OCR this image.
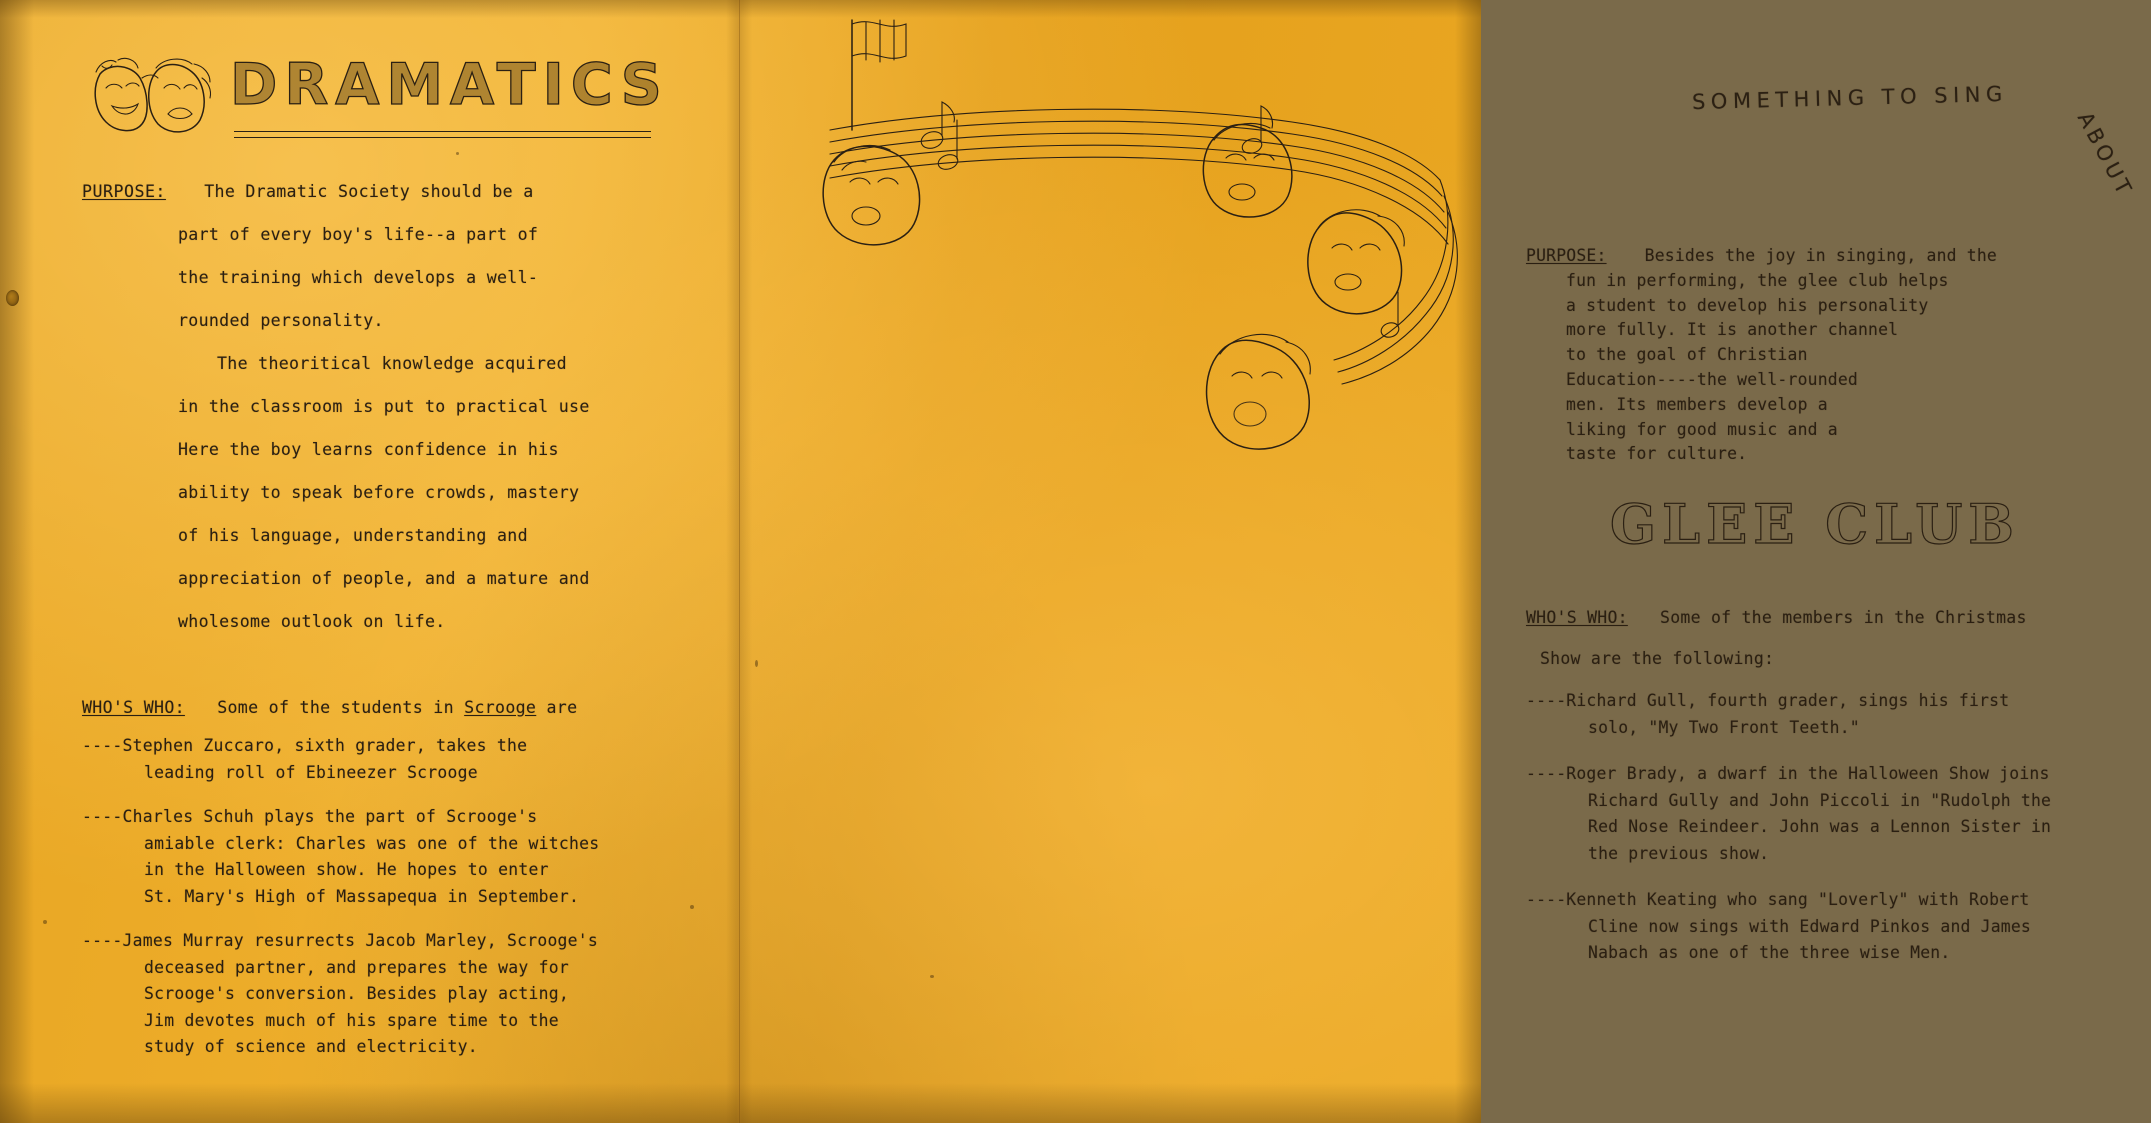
DRAMATICS
PURPOSE: The Dramatic Society should be a
part of every boy's life--a part of
the training which develops a well-
rounded personality.
The theoritical knowledge acquired
in the classroom is put to practical use
Here the boy learns confidence in his
ability to speak before crowds, mastery
of his language, understanding and
appreciation of people, and a mature and
wholesome outlook on life.
WHO'S WHO: Some of the students in Scrooge are
----Stephen Zuccaro, sixth grader, takes the
leading roll of Ebineezer Scrooge
----Charles Schuh plays the part of Scrooge's
amiable clerk: Charles was one of the witches
in the Halloween show. He hopes to enter
St. Mary's High of Massapequa in September.
----James Murray resurrects Jacob Marley, Scrooge's
deceased partner, and prepares the way for
Scrooge's conversion. Besides play acting,
Jim devotes much of his spare time to the
study of science and electricity.
SOMETHING TO SING
ABOUT
PURPOSE: Besides the joy in singing, and the
fun in performing, the glee club helps
a student to develop his personality
more fully. It is another channel
to the goal of Christian
Education----the well-rounded
men. Its members develop a
liking for good music and a
taste for culture.
GLEE CLUB
WHO'S WHO: Some of the members in the Christmas
Show are the following:
----Richard Gull, fourth grader, sings his first
solo, "My Two Front Teeth."
----Roger Brady, a dwarf in the Halloween Show joins
Richard Gully and John Piccoli in "Rudolph the
Red Nose Reindeer. John was a Lennon Sister in
the previous show.
----Kenneth Keating who sang "Loverly" with Robert
Cline now sings with Edward Pinkos and James
Nabach as one of the three wise Men.
